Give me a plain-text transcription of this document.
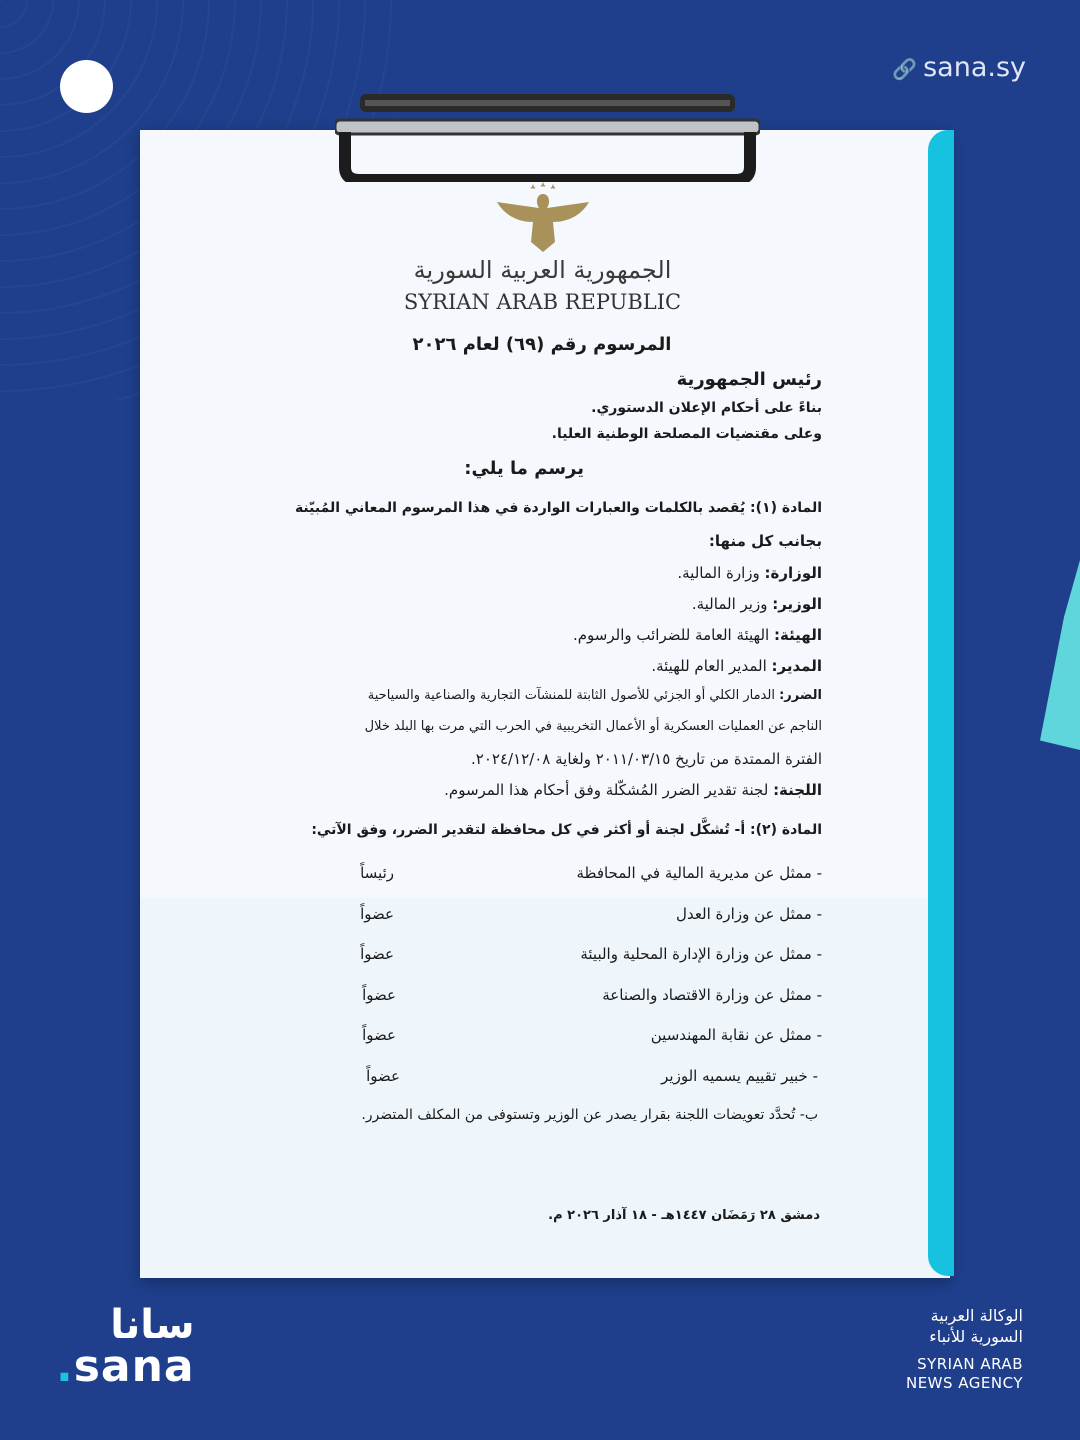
🔗 sana.sy
الجمهورية العربية السورية
SYRIAN ARAB REPUBLIC
المرسوم رقم (٦٩) لعام ٢٠٢٦
رئيس الجمهورية
بناءً على أحكام الإعلان الدستوري.
وعلى مقتضيات المصلحة الوطنية العليا.
يرسم ما يلي:
المادة (١): يُقصد بالكلمات والعبارات الواردة في هذا المرسوم المعاني المُبيّنة
بجانب كل منها:
الوزارة: وزارة المالية.
الوزير: وزير المالية.
الهيئة: الهيئة العامة للضرائب والرسوم.
المدير: المدير العام للهيئة.
الضرر: الدمار الكلي أو الجزئي للأصول الثابتة للمنشآت التجارية والصناعية والسياحية
الناجم عن العمليات العسكرية أو الأعمال التخريبية في الحرب التي مرت بها البلد خلال
الفترة الممتدة من تاريخ ٢٠١١/٠٣/١٥ ولغاية ٢٠٢٤/١٢/٠٨.
اللجنة: لجنة تقدير الضرر المُشكّلة وفق أحكام هذا المرسوم.
المادة (٢): أ- تُشكَّل لجنة أو أكثر في كل محافظة لتقدير الضرر، وفق الآتي:
- ممثل عن مديرية المالية في المحافظة
رئيساً
- ممثل عن وزارة العدل
عضواً
- ممثل عن وزارة الإدارة المحلية والبيئة
عضواً
- ممثل عن وزارة الاقتصاد والصناعة
عضواً
- ممثل عن نقابة المهندسين
عضواً
- خبير تقييم يسميه الوزير
عضواً
ب- تُحدَّد تعويضات اللجنة بقرار يصدر عن الوزير وتستوفى من المكلف المتضرر.
دمشق ٢٨ رَمَضَان ١٤٤٧هـ - ١٨ آذار ٢٠٢٦ م.
سانا
.sana
الوكالة العربية
السورية للأنباء
SYRIAN ARAB
NEWS AGENCY
